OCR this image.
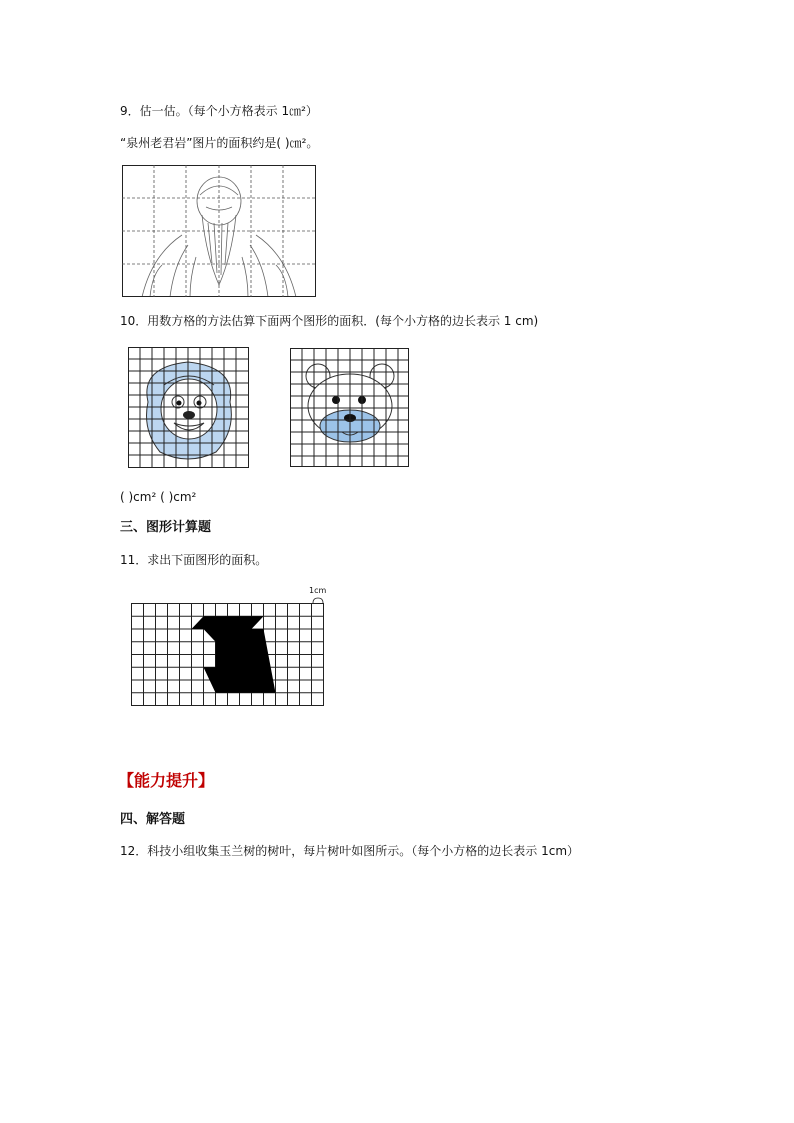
9．估一估。（每个小方格表示 1㎝²）
“泉州老君岩”图片的面积约是( )㎝²。
10．用数方格的方法估算下面两个图形的面积．(每个小方格的边长表示 1 cm)
( )cm² ( )cm²
三、图形计算题
11．求出下面图形的面积。
1cm
【能力提升】
四、解答题
12．科技小组收集玉兰树的树叶，每片树叶如图所示。（每个小方格的边长表示 1cm）
